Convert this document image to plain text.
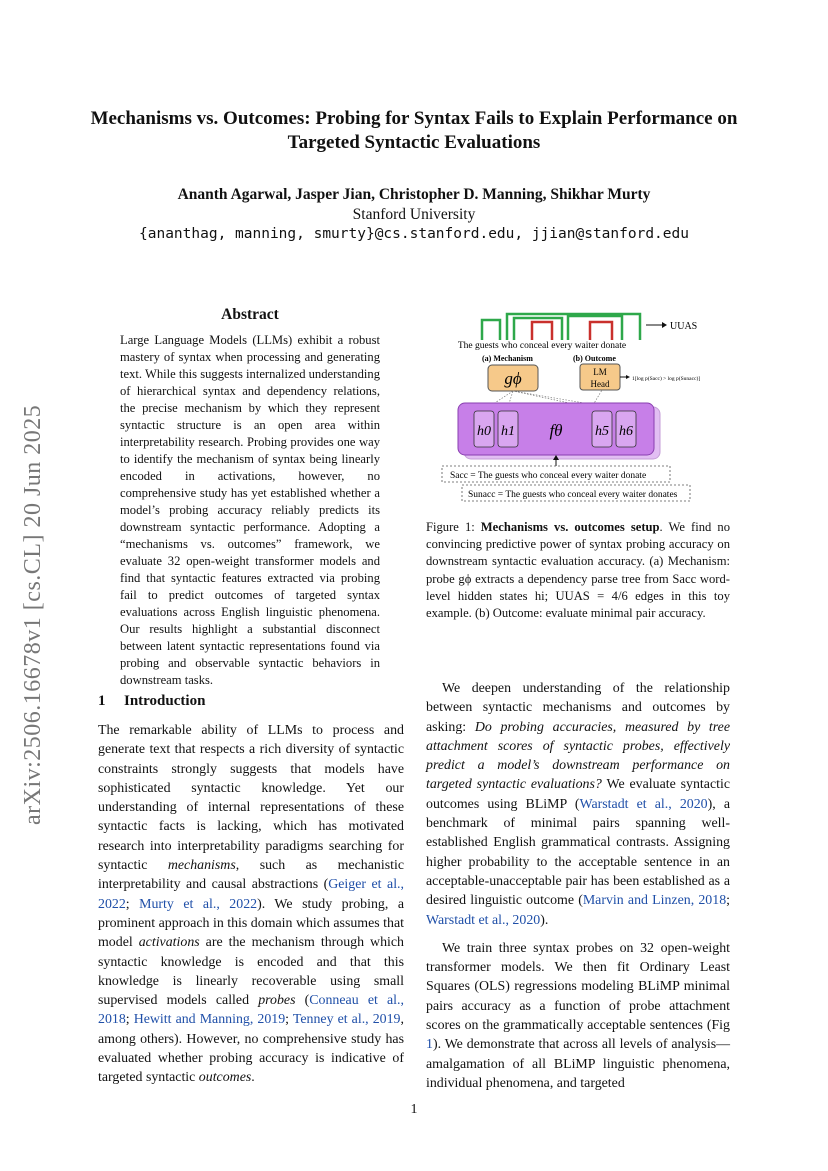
arXiv:2506.16678v1 [cs.CL] 20 Jun 2025
Mechanisms vs. Outcomes: Probing for Syntax Fails to Explain Performance on Targeted Syntactic Evaluations
Ananth Agarwal, Jasper Jian, Christopher D. Manning, Shikhar Murty
Stanford University
{ananthag, manning, smurty}@cs.stanford.edu, jjian@stanford.edu
Abstract
Large Language Models (LLMs) exhibit a robust mastery of syntax when processing and generating text. While this suggests internalized understanding of hierarchical syntax and dependency relations, the precise mechanism by which they represent syntactic structure is an open area within interpretability research. Probing provides one way to identify the mechanism of syntax being linearly encoded in activations, however, no comprehensive study has yet established whether a model’s probing accuracy reliably predicts its downstream syntactic performance. Adopting a “mechanisms vs. outcomes” framework, we evaluate 32 open-weight transformer models and find that syntactic features extracted via probing fail to predict outcomes of targeted syntax evaluations across English linguistic phenomena. Our results highlight a substantial disconnect between latent syntactic representations found via probing and observable syntactic behaviors in downstream tasks.
1 Introduction

The remarkable ability of LLMs to process and generate text that respects a rich diversity of syntactic constraints strongly suggests that models have sophisticated syntactic knowledge. Yet our understanding of internal representations of these syntactic facts is lacking, which has motivated research into interpretability paradigms searching for syntactic mechanisms, such as mechanistic interpretability and causal abstractions (Geiger et al., 2022; Murty et al., 2022). We study probing, a prominent approach in this domain which assumes that model activations are the mechanism through which syntactic knowledge is encoded and that this knowledge is linearly recoverable using small supervised models called probes (Conneau et al., 2018; Hewitt and Manning, 2019; Tenney et al., 2019, among others). However, no comprehensive study has evaluated whether probing accuracy is indicative of targeted syntactic outcomes.

UUAS
The guests who conceal every waiter donate
(a) Mechanism	(b) Outcome
gϕ	LM
Head	1[log p(Sacc) > log p(Sunacc)]
h0 h1	h5 h6
fθ
Sacc = The guests who conceal every waiter donate
Sunacc = The guests who conceal every waiter donates
Figure 1: Mechanisms vs. outcomes setup. We find no convincing predictive power of syntax probing accuracy on downstream syntactic evaluation accuracy. (a) Mechanism: probe gϕ extracts a dependency parse tree from Sacc word-level hidden states hi; UUAS = 4/6 edges in this toy example. (b) Outcome: evaluate minimal pair accuracy.

We deepen understanding of the relationship between syntactic mechanisms and outcomes by asking: Do probing accuracies, measured by tree attachment scores of syntactic probes, effectively predict a model’s downstream performance on targeted syntactic evaluations? We evaluate syntactic outcomes using BLiMP (Warstadt et al., 2020), a benchmark of minimal pairs spanning well-established English grammatical contrasts. Assigning higher probability to the acceptable sentence in an acceptable-unacceptable pair has been established as a desired linguistic outcome (Marvin and Linzen, 2018; Warstadt et al., 2020).

We train three syntax probes on 32 open-weight transformer models. We then fit Ordinary Least Squares (OLS) regressions modeling BLiMP minimal pairs accuracy as a function of probe attachment scores on the grammatically acceptable sentences (Fig 1). We demonstrate that across all levels of analysis—amalgamation of all BLiMP linguistic phenomena, individual phenomena, and targeted

1
